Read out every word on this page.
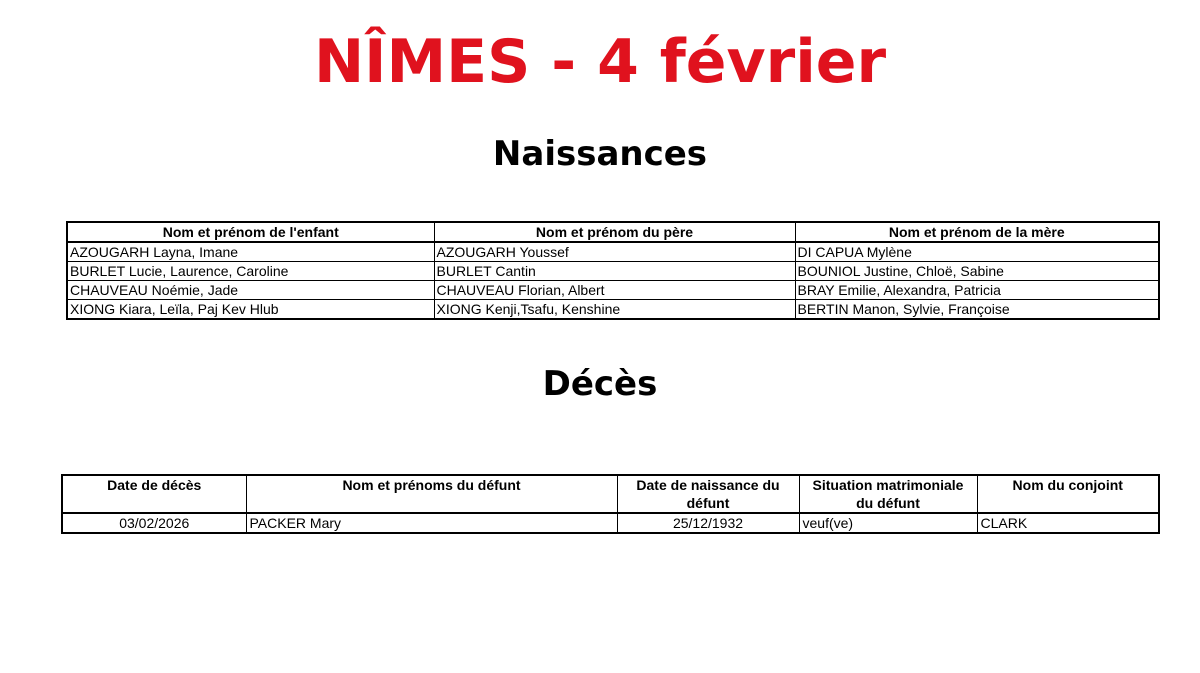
NÎMES - 4 février
Naissances
Nom et prénom de l'enfant	Nom et prénom du père	Nom et prénom de la mère
AZOUGARH Layna, Imane	AZOUGARH Youssef	DI CAPUA Mylène
BURLET Lucie, Laurence, Caroline	BURLET Cantin	BOUNIOL Justine, Chloë, Sabine
CHAUVEAU Noémie, Jade	CHAUVEAU Florian, Albert	BRAY Emilie, Alexandra, Patricia
XIONG Kiara, Leïla, Paj Kev Hlub	XIONG Kenji,Tsafu, Kenshine	BERTIN Manon, Sylvie, Françoise
Décès
Date de décès	Nom et prénoms du défunt	Date de naissance du défunt	Situation matrimoniale du défunt	Nom du conjoint
03/02/2026	PACKER Mary	25/12/1932	veuf(ve)	CLARK
